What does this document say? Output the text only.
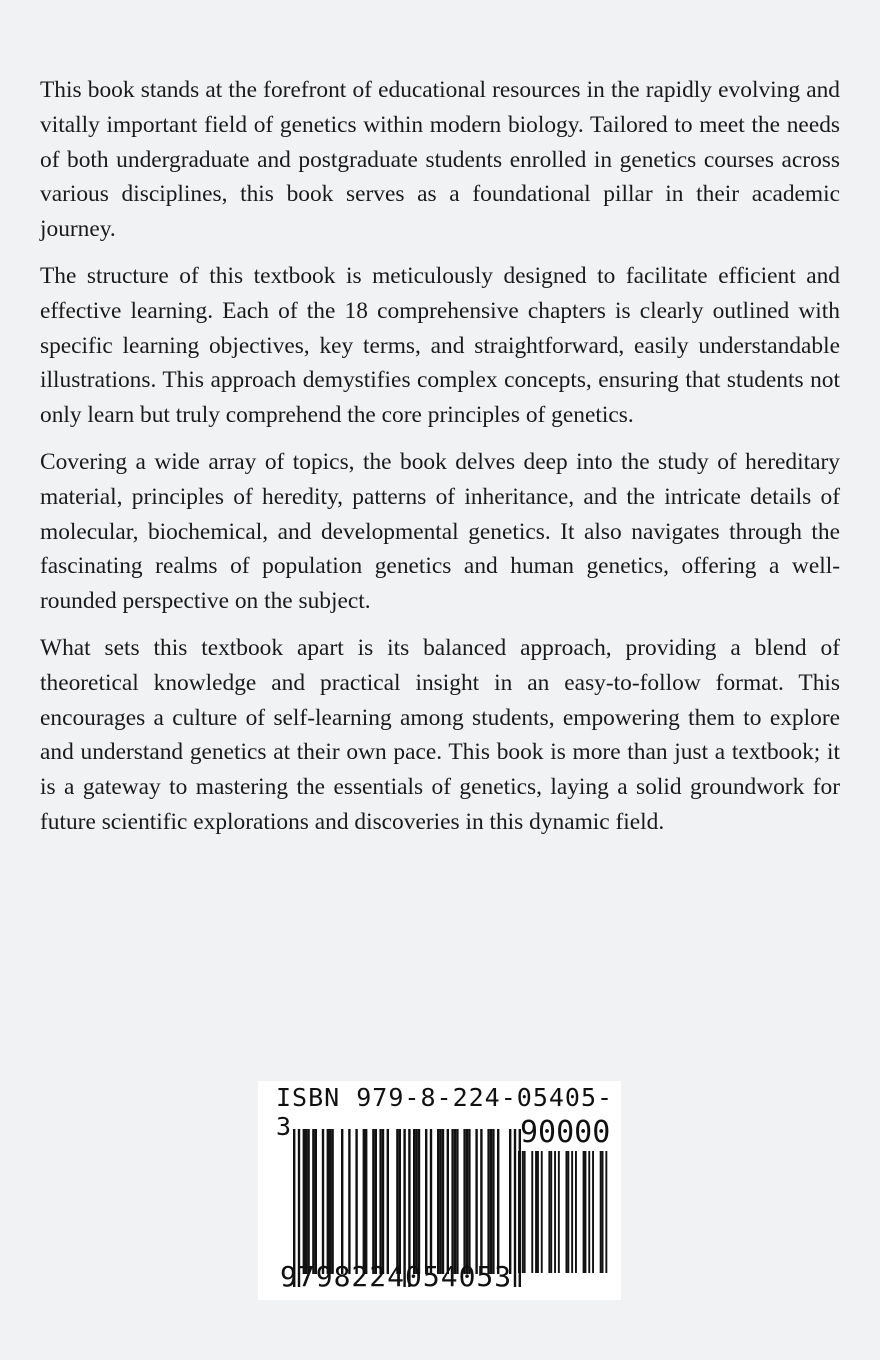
This book stands at the forefront of educational resources in the rapidly evolving and vitally important field of genetics within modern biology. Tailored to meet the needs of both undergraduate and postgraduate students enrolled in genetics courses across various disciplines, this book serves as a foundational pillar in their academic journey.

The structure of this textbook is meticulously designed to facilitate efficient and effective learning. Each of the 18 comprehensive chapters is clearly outlined with specific learning objectives, key terms, and straightforward, easily understandable illustrations. This approach demystifies complex concepts, ensuring that students not only learn but truly comprehend the core principles of genetics.

Covering a wide array of topics, the book delves deep into the study of hereditary material, principles of heredity, patterns of inheritance, and the intricate details of molecular, biochemical, and developmental genetics. It also navigates through the fascinating realms of population genetics and human genetics, offering a well-rounded perspective on the subject.

What sets this textbook apart is its balanced approach, providing a blend of theoretical knowledge and practical insight in an easy-to-follow format. This encourages a culture of self-learning among students, empowering them to explore and understand genetics at their own pace. This book is more than just a textbook; it is a gateway to mastering the essentials of genetics, laying a solid groundwork for future scientific explorations and discoveries in this dynamic field.

ISBN 979-8-224-05405-3	90000
9798224054053
